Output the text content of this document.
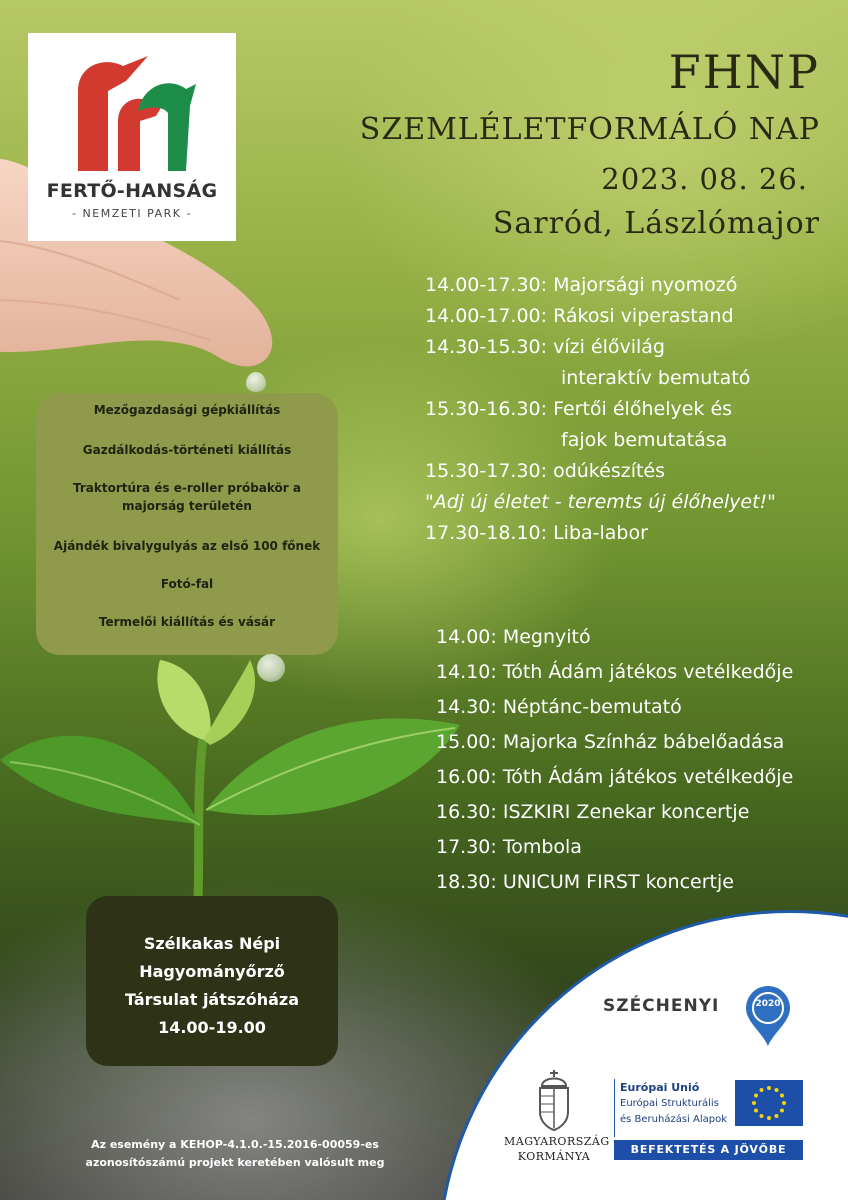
FERTŐ-HANSÁG
- NEMZETI PARK -
FHNP
SZEMLÉLETFORMÁLÓ NAP
2023. 08. 26.
Sarród, Lászlómajor
14.00-17.30: Majorsági nyomozó
14.00-17.00: Rákosi viperastand
14.30-15.30: vízi élővilág
interaktív bemutató
15.30-16.30: Fertői élőhelyek és
fajok bemutatása
15.30-17.30: odúkészítés
"Adj új életet - teremts új élőhelyet!"
17.30-18.10: Liba-labor
Mezőgazdasági gépkiállítás
Gazdálkodás-történeti kiállítás
Traktortúra és e-roller próbakör a
majorság területén
Ajándék bivalygulyás az első 100 főnek
Fotó-fal
Termelői kiállítás és vásár
14.00: Megnyitó
14.10: Tóth Ádám játékos vetélkedője
14.30: Néptánc-bemutató
15.00: Majorka Színház bábelőadása
16.00: Tóth Ádám játékos vetélkedője
16.30: ISZKIRI Zenekar koncertje
17.30: Tombola
18.30: UNICUM FIRST koncertje
Szélkakas Népi
Hagyományőrző
Társulat játszóháza
14.00-19.00
Az esemény a KEHOP-4.1.0.-15.2016-00059-es
azonosítószámú projekt keretében valósult meg
SZÉCHENYI	2020
MAGYARORSZÁG
KORMÁNYA
Európai Unió
Európai Strukturális
és Beruházási Alapok
BEFEKTETÉS A JÖVŐBE
